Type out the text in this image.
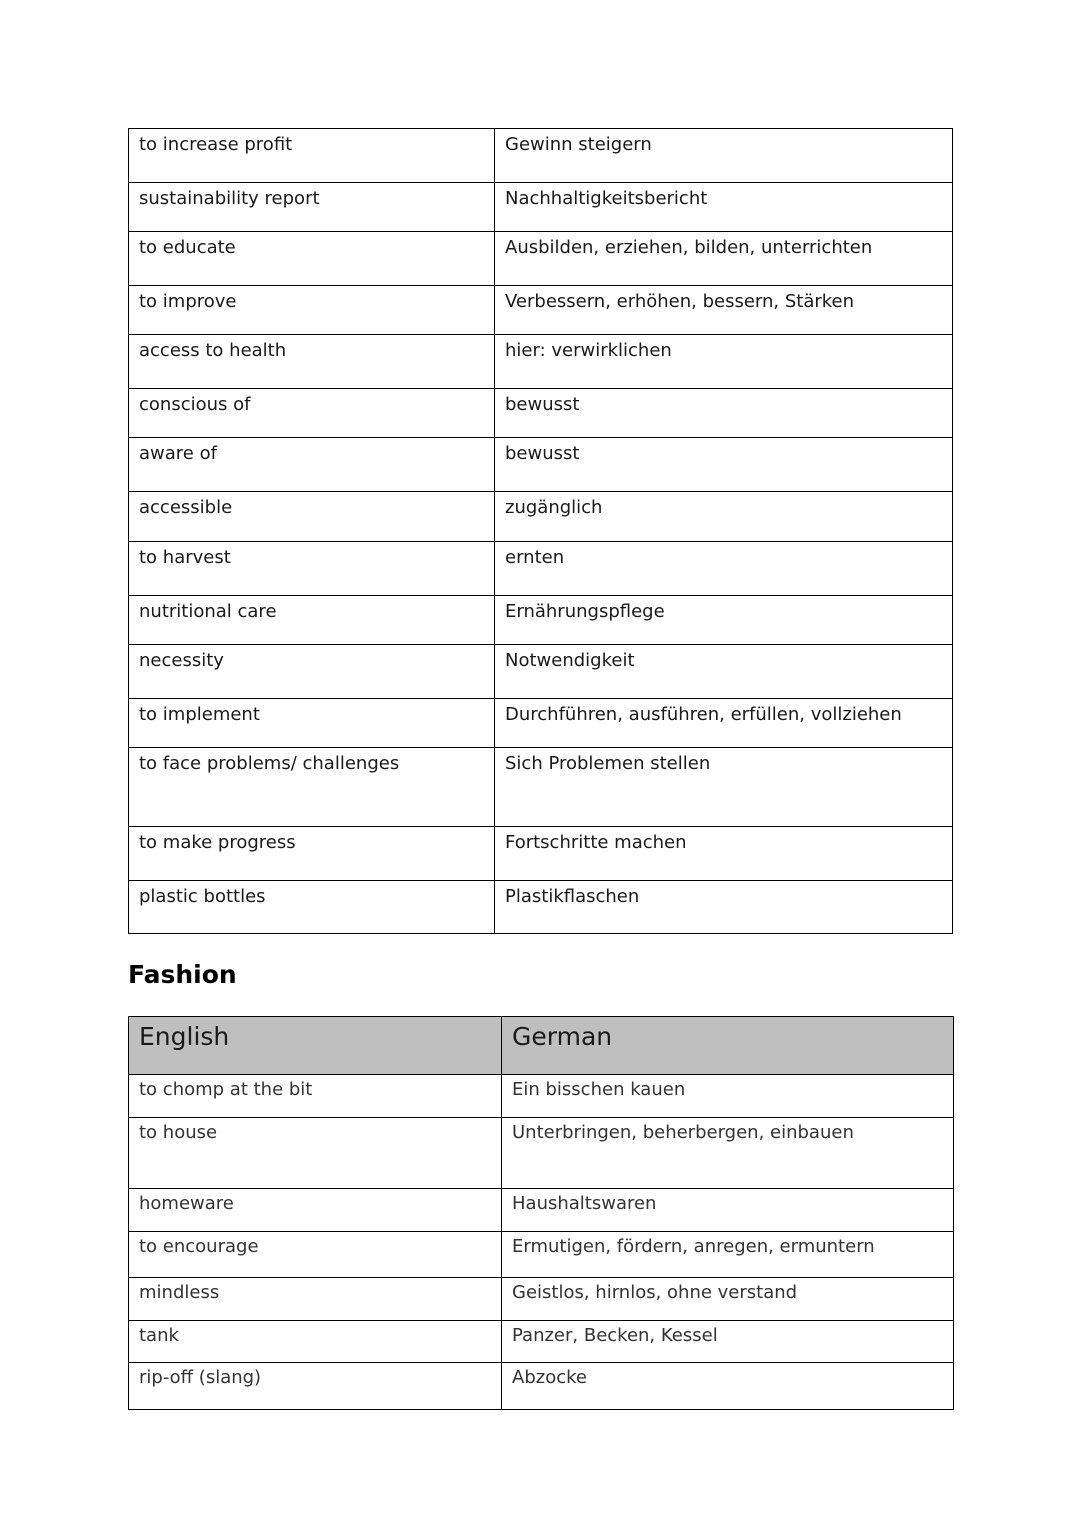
to increase profit	Gewinn steigern
sustainability report	Nachhaltigkeitsbericht
to educate	Ausbilden, erziehen, bilden, unterrichten
to improve	Verbessern, erhöhen, bessern, Stärken
access to health	hier: verwirklichen
conscious of	bewusst
aware of	bewusst
accessible	zugänglich
to harvest	ernten
nutritional care	Ernährungspflege
necessity	Notwendigkeit
to implement	Durchführen, ausführen, erfüllen, vollziehen
to face problems/ challenges	Sich Problemen stellen
to make progress	Fortschritte machen
plastic bottles	Plastikflaschen
Fashion
English	German
to chomp at the bit	Ein bisschen kauen
to house	Unterbringen, beherbergen, einbauen
homeware	Haushaltswaren
to encourage	Ermutigen, fördern, anregen, ermuntern
mindless	Geistlos, hirnlos, ohne verstand
tank	Panzer, Becken, Kessel
rip-off (slang)	Abzocke
